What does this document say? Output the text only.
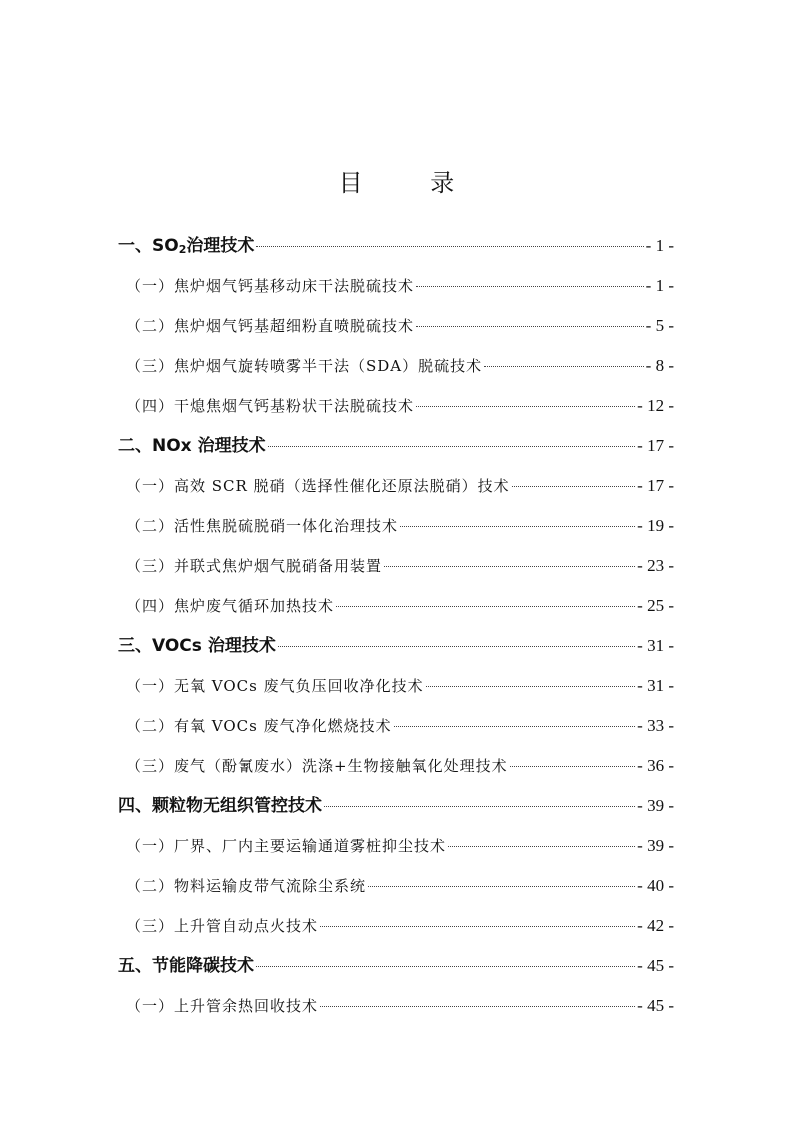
目 录
一、SO2治理技术	- 1 -
（一）焦炉烟气钙基移动床干法脱硫技术	- 1 -
（二）焦炉烟气钙基超细粉直喷脱硫技术	- 5 -
（三）焦炉烟气旋转喷雾半干法（SDA）脱硫技术	- 8 -
（四）干熄焦烟气钙基粉状干法脱硫技术	- 12 -
二、NOx 治理技术	- 17 -
（一）高效 SCR 脱硝（选择性催化还原法脱硝）技术	- 17 -
（二）活性焦脱硫脱硝一体化治理技术	- 19 -
（三）并联式焦炉烟气脱硝备用装置	- 23 -
（四）焦炉废气循环加热技术	- 25 -
三、VOCs 治理技术	- 31 -
（一）无氧 VOCs 废气负压回收净化技术	- 31 -
（二）有氧 VOCs 废气净化燃烧技术	- 33 -
（三）废气（酚氰废水）洗涤+生物接触氧化处理技术	- 36 -
四、颗粒物无组织管控技术	- 39 -
（一）厂界、厂内主要运输通道雾桩抑尘技术	- 39 -
（二）物料运输皮带气流除尘系统	- 40 -
（三）上升管自动点火技术	- 42 -
五、节能降碳技术	- 45 -
（一）上升管余热回收技术	- 45 -
